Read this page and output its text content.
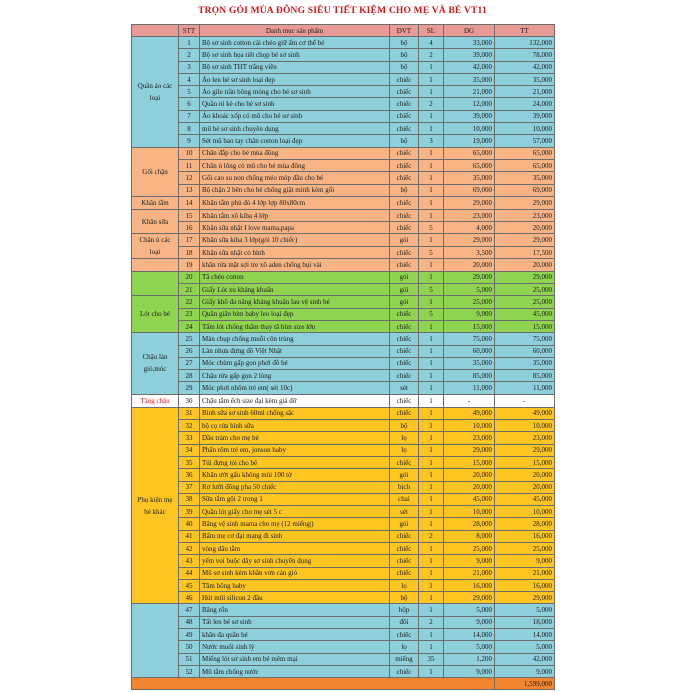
TRỌN GÓI MÙA ĐÔNG SIÊU TIẾT KIỆM CHO MẸ VÀ BÉ VT11
	STT	Danh mục sản phẩm	ĐVT	SL	ĐG	TT
Quần áo các loại	1	Bộ sơ sinh cotton cài chéo giữ ấm cơ thể bé	bộ	4	33,000	132,000
	2	Bộ sơ sinh họa tiết chọp bé sơ sinh	bộ	2	39,000	78,000
	3	Bộ sơ sinh THT trắng viền	bộ	1	42,000	42,000
	4	Áo len bé sơ sinh loại đẹp	chiếc	1	35,000	35,000
	5	Áo gile trần bông mỏng cho bé sơ sinh	chiếc	1	21,000	21,000
	6	Quần nỉ kẻ cho bé sơ sinh	chiếc	2	12,000	24,000
	7	Áo khoác xốp có mũ cho bé sơ sinh	chiếc	1	39,000	39,000
	8	mũ bé sơ sinh chuyên dụng	chiếc	1	10,000	10,000
	9	Sét mũ bao tay chân cotton loại đẹp	bộ	3	19,000	57,000
Gối chặn	10	Chăn đắp cho bé mùa đông	chiếc	1	65,000	65,000
	11	Chăn ủ lông cò mũ cho bé mùa đông	chiếc	1	65,000	65,000
	12	Gối cao su non chống méo móp đầu cho bé	chiếc	1	35,000	35,000
	13	Bộ chặn 2 bên cho bé chống giật mình kèm gối	bộ	1	69,000	69,000
Khăn tắm	14	Khăn tắm phủ đỏ 4 lớp lợp 80x80cm	chiếc	1	29,000	29,000
Khăn sữa	15	Khăn tắm xô kiba 4 lớp	chiếc	1	23,000	23,000
	16	Khăn sữa nhật I love mama,papa	chiếc	5	4,000	20,000
Chăn ủ các loại	17	Khăn sữa kiba 3 lớp(gói 10 chiếc)	gói	1	29,000	29,000
	18	Khăn sữa nhật cỏ hình	chiếc	5	3,500	17,500
	19	khăn rửa mặt sợi tre xô aden chống bụi vải	chiếc	1	20,000	20,000
	20	Tã chéo cotton	gói	1	29,000	29,000
	21	Giấy Lót xu kháng khuẩn	gói	5	5,000	25,000
Lót cho bé	22	Giấy khô đa năng kháng khuẩn lau vệ sinh bé	gói	1	25,000	25,000
	23	Quần giãn bỉm baby leo loại đẹp	chiếc	5	9,000	45,000
	24	Tấm lót chống thấm thay tã bỉm size lớn	chiếc	1	15,000	15,000
Chậu làn giỏ,móc	25	Màn chụp chống muỗi côn trùng	chiếc	1	75,000	75,000
	26	Làn nhựa đựng đồ Việt Nhật	chiếc	1	60,000	60,000
	27	Móc chùm gấp gọn phơi đồ bé	chiếc	1	35,000	35,000
	28	Chậu rửa gấp gọn 2 lòng	chiếc	1	85,000	85,000
	29	Móc phơi nhôm trẻ em( sét 10c)	sét	1	11,000	11,000
Tặng chậu	30	Chậu tắm ếch size đại kèm giá đỡ	chiếc	1	-	-
Phụ kiện mẹ bé khác	31	Bình sữa sơ sinh 60ml chống sặc	chiếc	1	49,000	49,000
	32	bộ cọ rửa bình sữa	bộ	1	10,000	10,000
	33	Dầu tràm cho mẹ bé	lọ	1	23,000	23,000
	34	Phấn rôm trẻ em, jonson baby	lọ	1	29,000	29,000
	35	Túi đựng tỏi cho bé	chiếc	1	15,000	15,000
	36	Khăn ướt gấu không mùi 100 tờ	gói	1	20,000	20,000
	37	Rơ lưỡi đông pha 50 chiếc	bịch	1	20,000	20,000
	38	Sữa tắm gội 2 trong 1	chai	1	45,000	45,000
	39	Quần lót giấy cho mẹ sét 5 c	sét	1	10,000	10,000
	40	Băng vệ sinh mama cho mẹ (12 miếng|)	gói	1	28,000	28,000
	41	Bấm mẹ cơ đại mang đi sinh	chiếc	2	8,000	16,000
	42	vòng dâu tằm	chiếc	1	25,000	25,000
	43	yếm voi buộc dây sơ sinh chuyên dụng	chiếc	1	9,000	9,000
	44	Mũ sơ sinh kèm khăn vơn cản gió	chiếc	1	21,000	21,000
	45	Tăm bông baby	lọ	1	16,000	16,000
	46	Hút mũi silicon 2 đầu	bộ	1	29,000	29,000
	47	Băng rốn	hộp	1	5,000	5,000
	48	Tất len bé sơ sinh	đôi	2	9,000	18,000
	49	khăn đa quần bé	chiếc	1	14,000	14,000
	50	Nước muối sinh lý	lọ	1	5,000	5,000
	51	Miếng lót sơ sinh em bé mềm mại	miếng	35	1,200	42,000
	52	Mũ tắm chống nước	chiếc	1	9,000	9,000
						1,599,000
